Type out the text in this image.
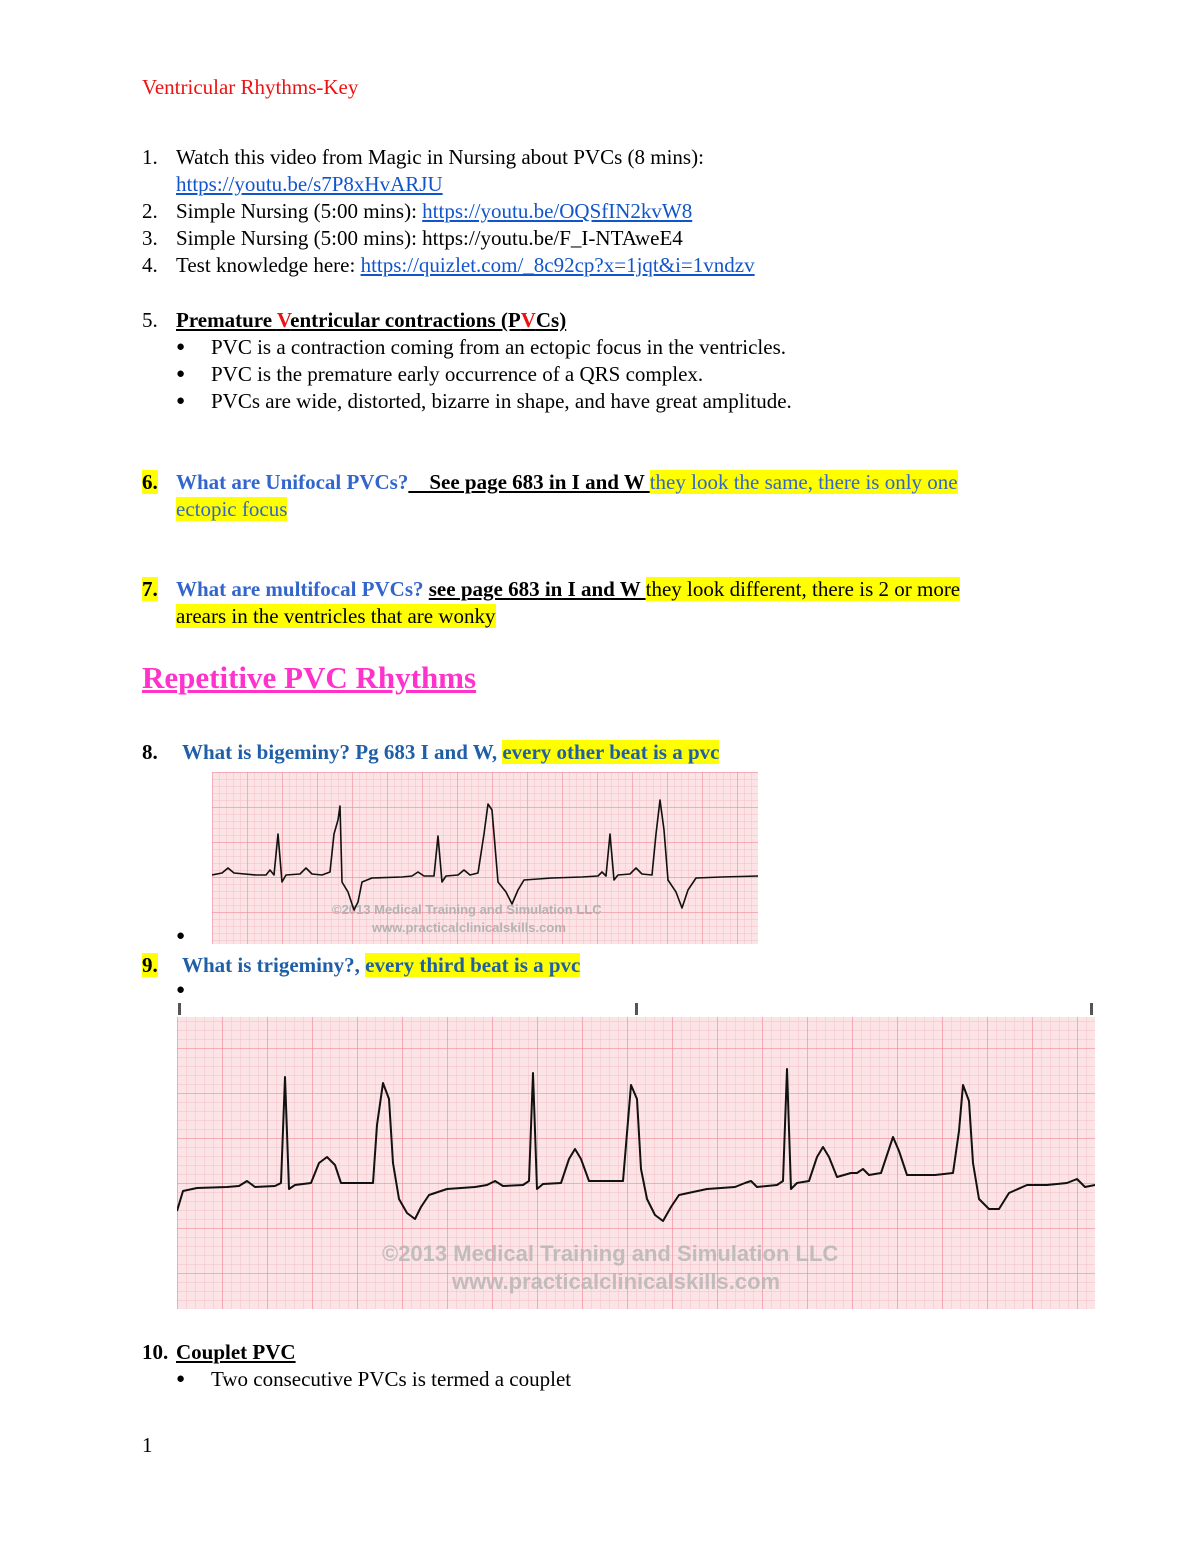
Ventricular Rhythms-Key
1. Watch this video from Magic in Nursing about PVCs (8 mins):
https://youtu.be/s7P8xHvARJU
2. Simple Nursing (5:00 mins): https://youtu.be/OQSfIN2kvW8
3. Simple Nursing (5:00 mins): https://youtu.be/F_I-NTAweE4
4. Test knowledge here: https://quizlet.com/_8c92cp?x=1jqt&i=1vndzv
5. Premature Ventricular contractions (PVCs)
● PVC is a contraction coming from an ectopic focus in the ventricles.
● PVC is the premature early occurrence of a QRS complex.
● PVCs are wide, distorted, bizarre in shape, and have great amplitude.
6. What are Unifocal PVCs?    See page 683 in I and W they look the same, there is only one
ectopic focus
7. What are multifocal PVCs? see page 683 in I and W they look different, there is 2 or more
arears in the ventricles that are wonky
Repetitive PVC Rhythms
8. What is bigeminy? Pg 683 I and W, every other beat is a pvc
©2013 Medical Training and Simulation LLC
www.practicalclinicalskills.com
●
9. What is trigeminy?, every third beat is a pvc
●
©2013 Medical Training and Simulation LLC
www.practicalclinicalskills.com
10. Couplet PVC
● Two consecutive PVCs is termed a couplet
1
